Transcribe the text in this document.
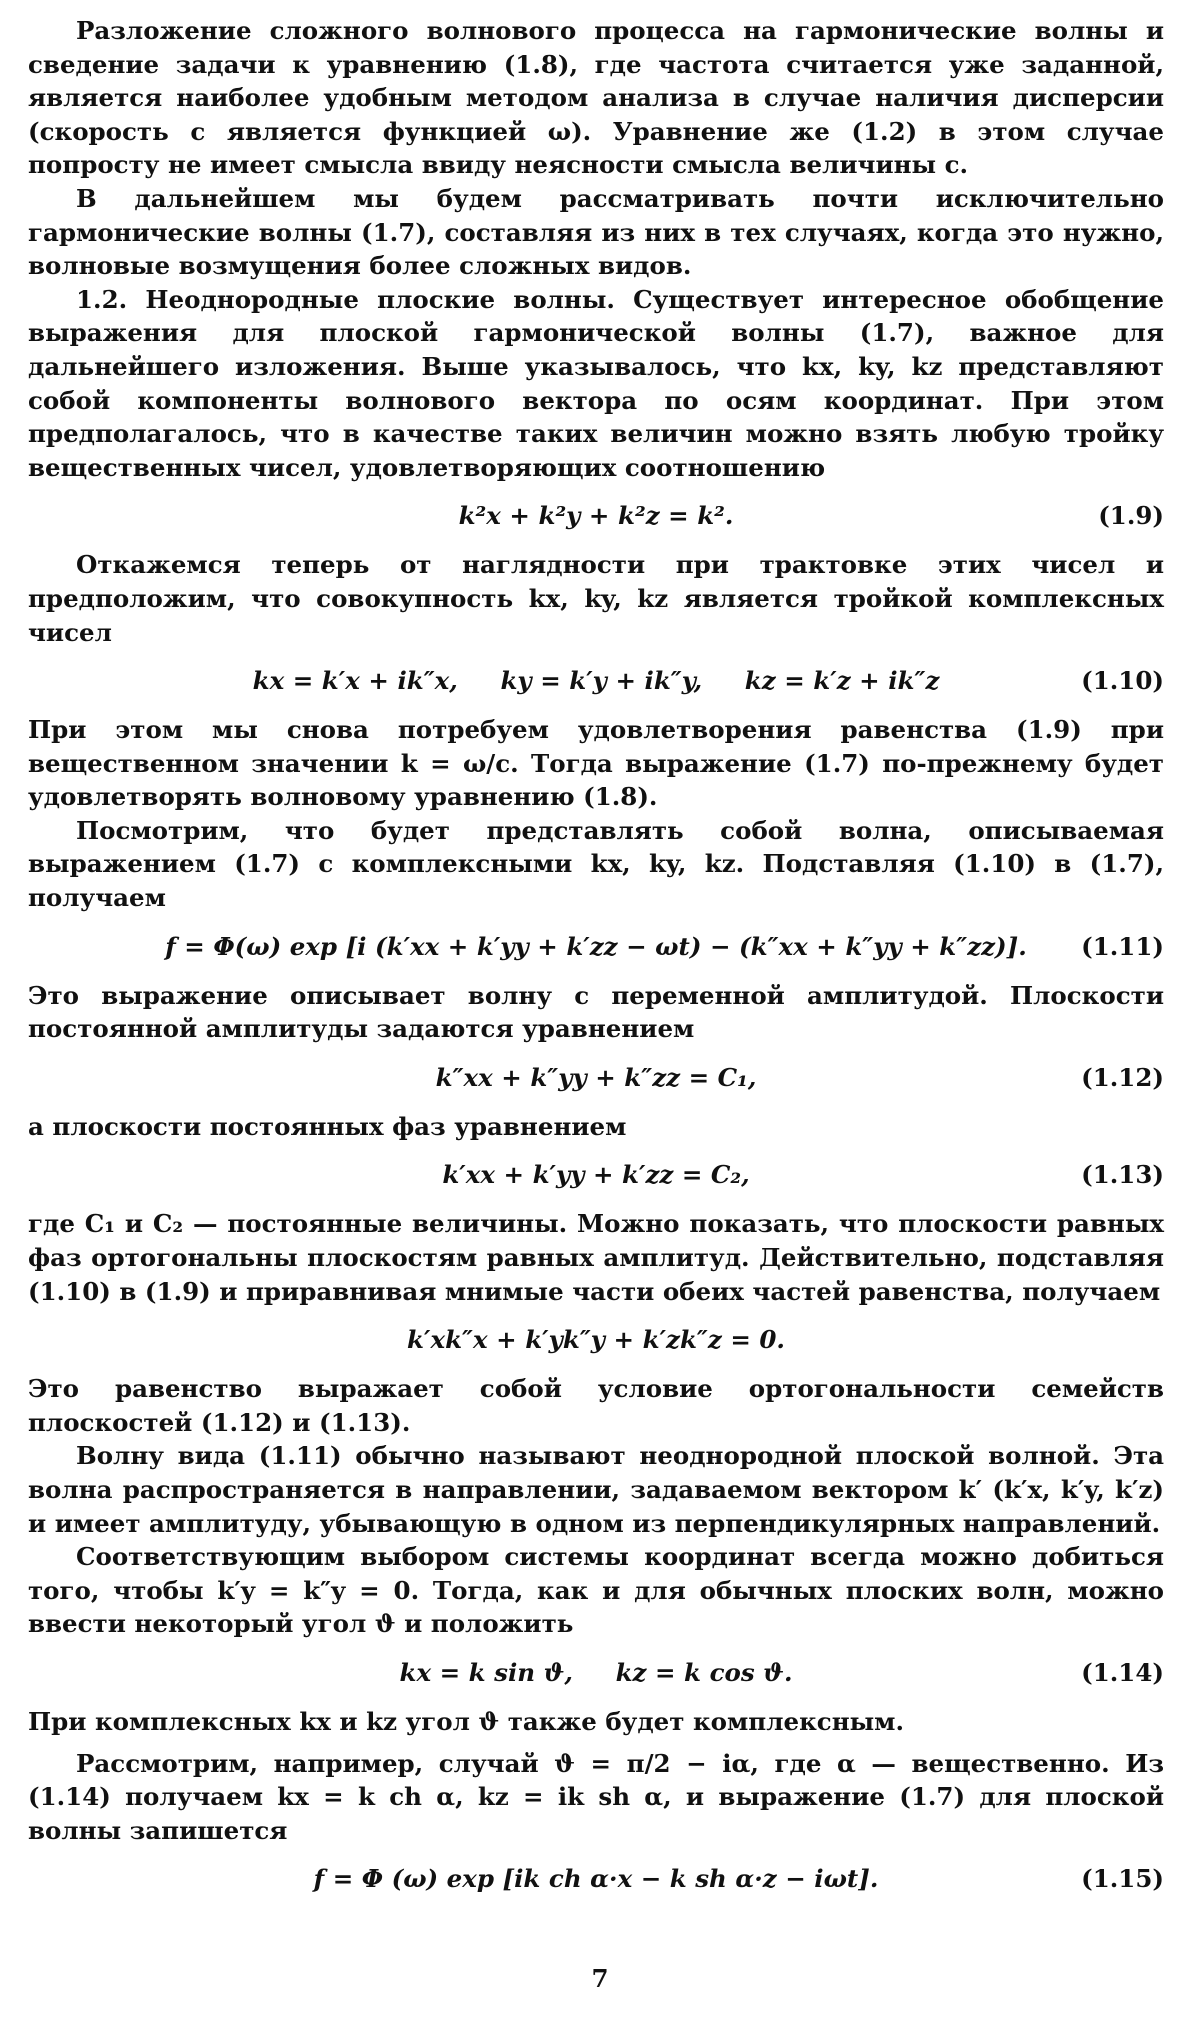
Разложение сложного волнового процесса на гармонические волны и сведение задачи к уравнению (1.8), где частота считается уже заданной, является наиболее удобным методом анализа в случае наличия дисперсии (скорость c является функцией ω). Уравнение же (1.2) в этом случае попросту не имеет смысла ввиду неясности смысла величины c.

В дальнейшем мы будем рассматривать почти исключительно гармонические волны (1.7), составляя из них в тех случаях, когда это нужно, волновые возмущения более сложных видов.

1.2. Неоднородные плоские волны. Существует интересное обобщение выражения для плоской гармонической волны (1.7), важное для дальнейшего изложения. Выше указывалось, что kx, ky, kz представляют собой компоненты волнового вектора по осям координат. При этом предполагалось, что в качестве таких величин можно взять любую тройку вещественных чисел, удовлетворяющих соотношению

k²x + k²y + k²z = k².	(1.9)

Откажемся теперь от наглядности при трактовке этих чисел и предположим, что совокупность kx, ky, kz является тройкой комплексных чисел

kx = k′x + ik″x,     ky = k′y + ik″y,     kz = k′z + ik″z	(1.10)

При этом мы снова потребуем удовлетворения равенства (1.9) при вещественном значении k = ω/c. Тогда выражение (1.7) по-прежнему будет удовлетворять волновому уравнению (1.8).

Посмотрим, что будет представлять собой волна, описываемая выражением (1.7) с комплексными kx, ky, kz. Подставляя (1.10) в (1.7), получаем

f = Φ(ω) exp [i (k′xx + k′yy + k′zz − ωt) − (k″xx + k″yy + k″zz)]. (1.11)

Это выражение описывает волну с переменной амплитудой. Плоскости постоянной амплитуды задаются уравнением

k″xx + k″yy + k″zz = C₁,	(1.12)

а плоскости постоянных фаз уравнением

k′xx + k′yy + k′zz = C₂,	(1.13)

где C₁ и C₂ — постоянные величины. Можно показать, что плоскости равных фаз ортогональны плоскостям равных амплитуд. Действительно, подставляя (1.10) в (1.9) и приравнивая мнимые части обеих частей равенства, получаем

k′xk″x + k′yk″y + k′zk″z = 0.

Это равенство выражает собой условие ортогональности семейств плоскостей (1.12) и (1.13).

Волну вида (1.11) обычно называют неоднородной плоской волной. Эта волна распространяется в направлении, задаваемом вектором k′ (k′x, k′y, k′z) и имеет амплитуду, убывающую в одном из перпендикулярных направлений.

Соответствующим выбором системы координат всегда можно добиться того, чтобы k′y = k″y = 0. Тогда, как и для обычных плоских волн, можно ввести некоторый угол ϑ и положить

kx = k sin ϑ,     kz = k cos ϑ.	(1.14)

При комплексных kx и kz угол ϑ также будет комплексным.

Рассмотрим, например, случай ϑ = π/2 − iα, где α — вещественно. Из (1.14) получаем kx = k ch α, kz = ik sh α, и выражение (1.7) для плоской волны запишется

f = Φ (ω) exp [ik ch α·x − k sh α·z − iωt].	(1.15)
7
